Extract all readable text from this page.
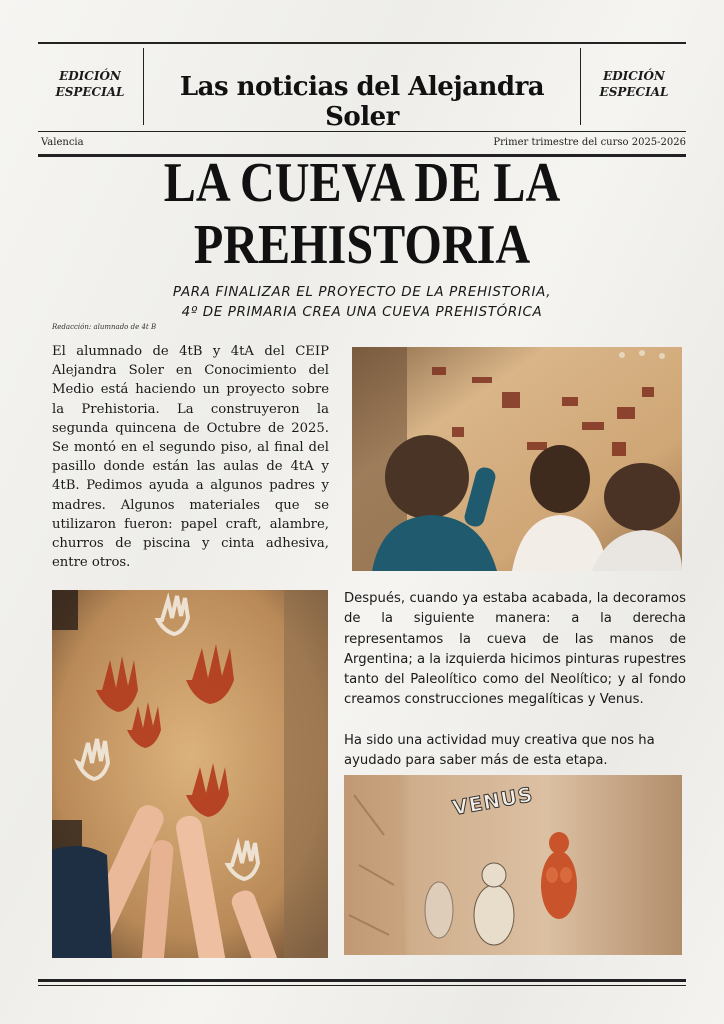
EDICIÓN ESPECIAL
EDICIÓN ESPECIAL
Las noticias del Alejandra Soler
Valencia	Primer trimestre del curso 2025-2026
LA CUEVA DE LA PREHISTORIA
PARA FINALIZAR EL PROYECTO DE LA PREHISTORIA,
4º DE PRIMARIA CREA UNA CUEVA PREHISTÓRICA
Redacción: alumnado de 4t B
El alumnado de 4tB y 4tA del CEIP Alejandra Soler en Conocimiento del Medio está haciendo un proyecto sobre la Prehistoria. La construyeron la segunda quincena de Octubre de 2025. Se montó en el segundo piso, al final del pasillo donde están las aulas de 4tA y 4tB. Pedimos ayuda a algunos padres y madres. Algunos materiales que se utilizaron fueron: papel craft, alambre, churros de piscina y cinta adhesiva, entre otros.
Después, cuando ya estaba acabada, la decoramos de la siguiente manera: a la derecha representamos la cueva de las manos de Argentina; a la izquierda hicimos pinturas rupestres tanto del Paleolítico como del Neolítico; y al fondo creamos construcciones megalíticas y Venus.
Ha sido una actividad muy creativa que nos ha ayudado para saber más de esta etapa.
VENUS
